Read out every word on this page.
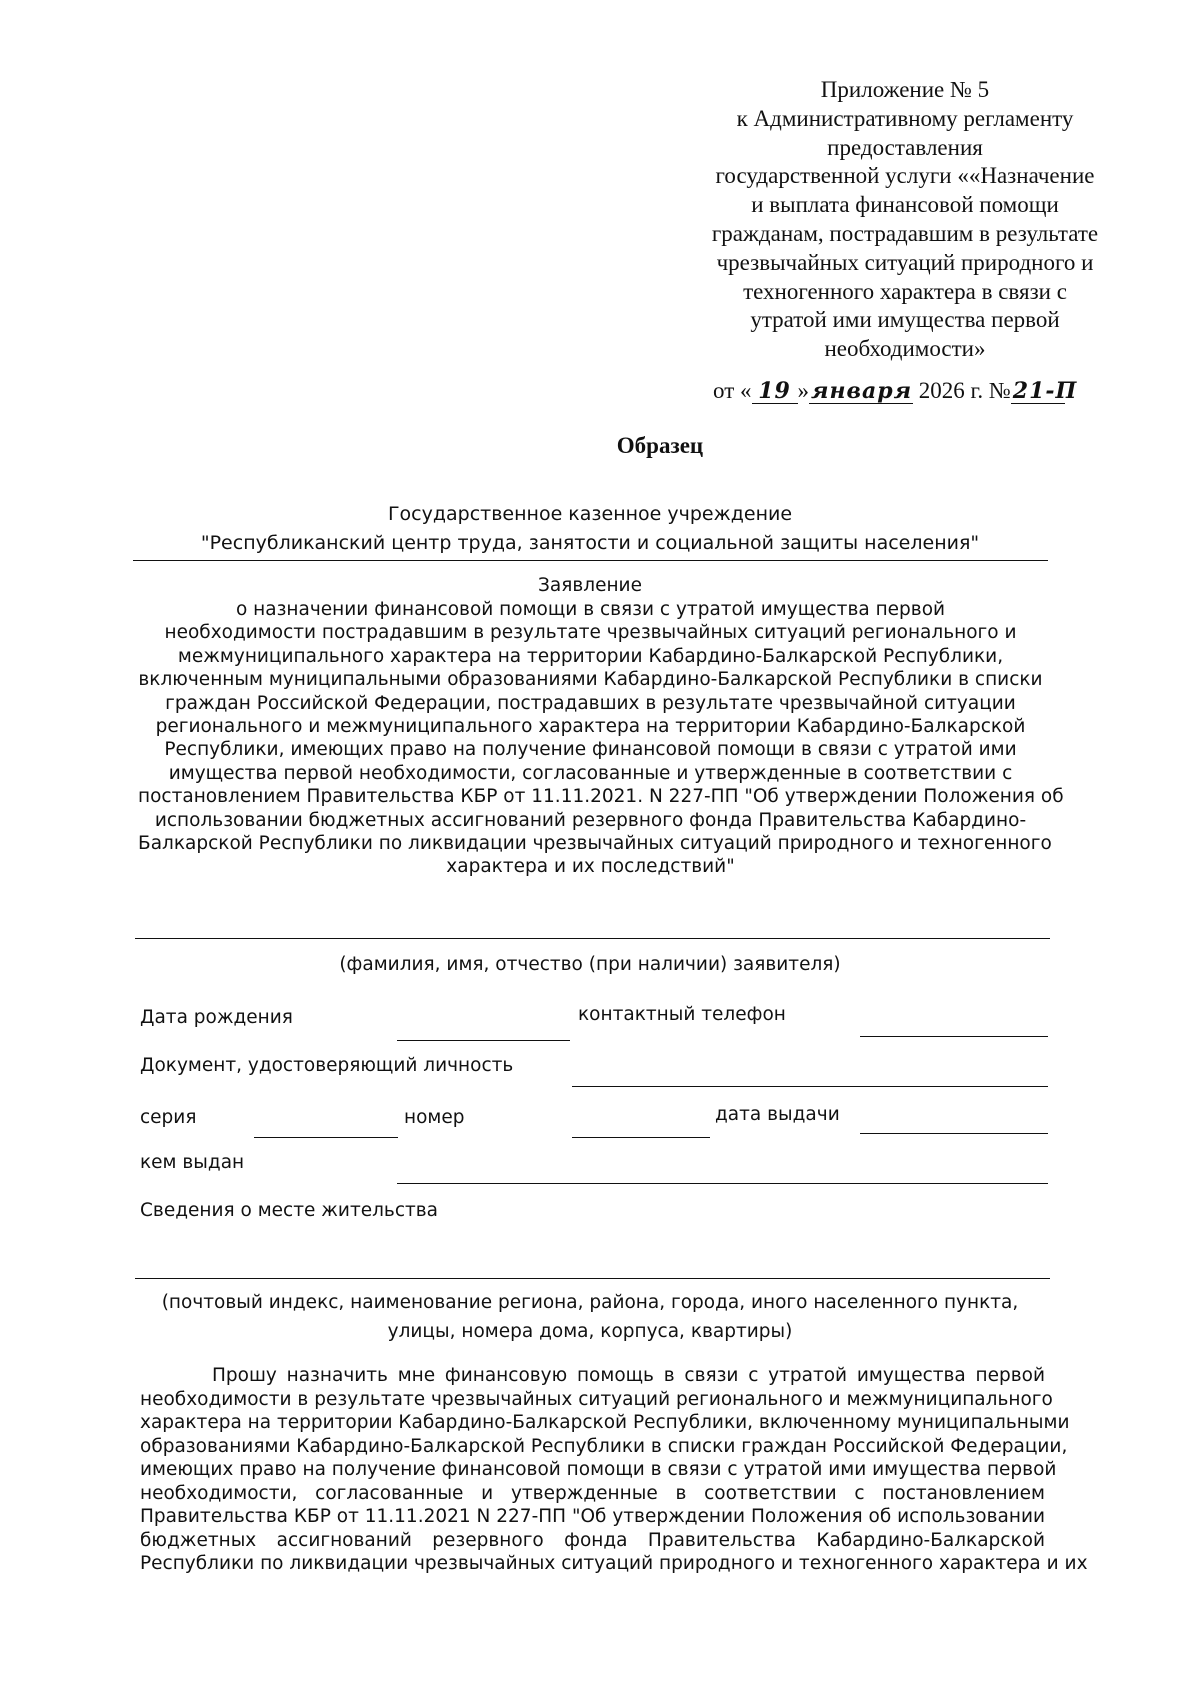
Приложение № 5
к Административному регламенту
предоставления
государственной услуги ««Назначение
и выплата финансовой помощи
гражданам, пострадавшим в результате
чрезвычайных ситуаций природного и
техногенного характера в связи с
утратой ими имущества первой
необходимости»
от « 19 »января 2026 г. №21-П
Образец
Государственное казенное учреждение
"Республиканский центр труда, занятости и социальной защиты населения"
Заявление
о назначении финансовой помощи в связи с утратой имущества первой
необходимости пострадавшим в результате чрезвычайных ситуаций регионального и
межмуниципального характера на территории Кабардино-Балкарской Республики,
включенным муниципальными образованиями Кабардино-Балкарской Республики в списки
граждан Российской Федерации, пострадавших в результате чрезвычайной ситуации
регионального и межмуниципального характера на территории Кабардино-Балкарской
Республики, имеющих право на получение финансовой помощи в связи с утратой ими
имущества первой необходимости, согласованные и утвержденные в соответствии с
постановлением Правительства КБР от 11.11.2021. N 227-ПП "Об утверждении Положения об
использовании бюджетных ассигнований резервного фонда Правительства Кабардино-
Балкарской Республики по ликвидации чрезвычайных ситуаций природного и техногенного
характера и их последствий"
(фамилия, имя, отчество (при наличии) заявителя)
Дата рождения	контактный телефон
Документ, удостоверяющий личность
серия	номер	дата выдачи
кем выдан
Сведения о месте жительства
(почтовый индекс, наименование региона, района, города, иного населенного пункта, улицы, номера дома, корпуса, квартиры)
Прошу назначить мне финансовую помощь в связи с утратой имущества первой
необходимости в результате чрезвычайных ситуаций регионального и межмуниципального
характера на территории Кабардино-Балкарской Республики, включенному муниципальными
образованиями Кабардино-Балкарской Республики в списки граждан Российской Федерации,
имеющих право на получение финансовой помощи в связи с утратой ими имущества первой
необходимости, согласованные и утвержденные в соответствии с постановлением
Правительства КБР от 11.11.2021 N 227-ПП "Об утверждении Положения об использовании
бюджетных ассигнований резервного фонда Правительства Кабардино-Балкарской
Республики по ликвидации чрезвычайных ситуаций природного и техногенного характера и их
